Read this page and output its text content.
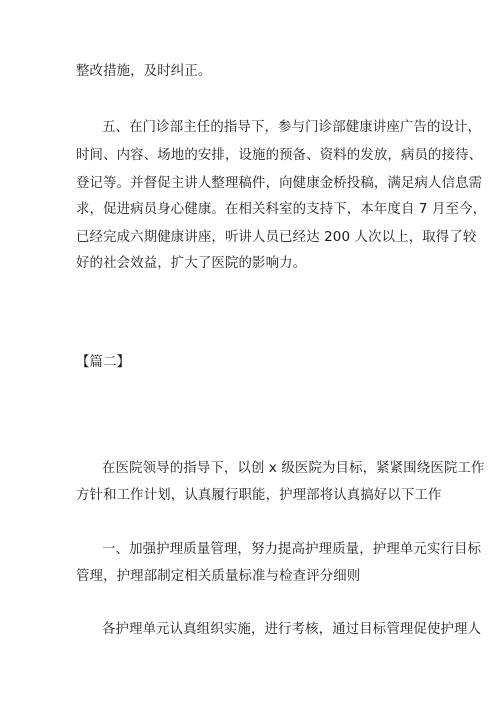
整改措施，及时纠正。
五、在门诊部主任的指导下，参与门诊部健康讲座广告的设计，
时间、内容、场地的安排，设施的预备、资料的发放，病员的接待、
登记等。并督促主讲人整理稿件，向健康金桥投稿，满足病人信息需
求，促进病员身心健康。在相关科室的支持下，本年度自 7 月至今，
已经完成六期健康讲座，听讲人员已经达 200 人次以上，取得了较
好的社会效益，扩大了医院的影响力。
【篇二】
在医院领导的指导下，以创 x 级医院为目标，紧紧围绕医院工作
方针和工作计划，认真履行职能，护理部将认真搞好以下工作
一、加强护理质量管理，努力提高护理质量，护理单元实行目标
管理，护理部制定相关质量标准与检查评分细则
各护理单元认真组织实施，进行考核，通过目标管理促使护理人
